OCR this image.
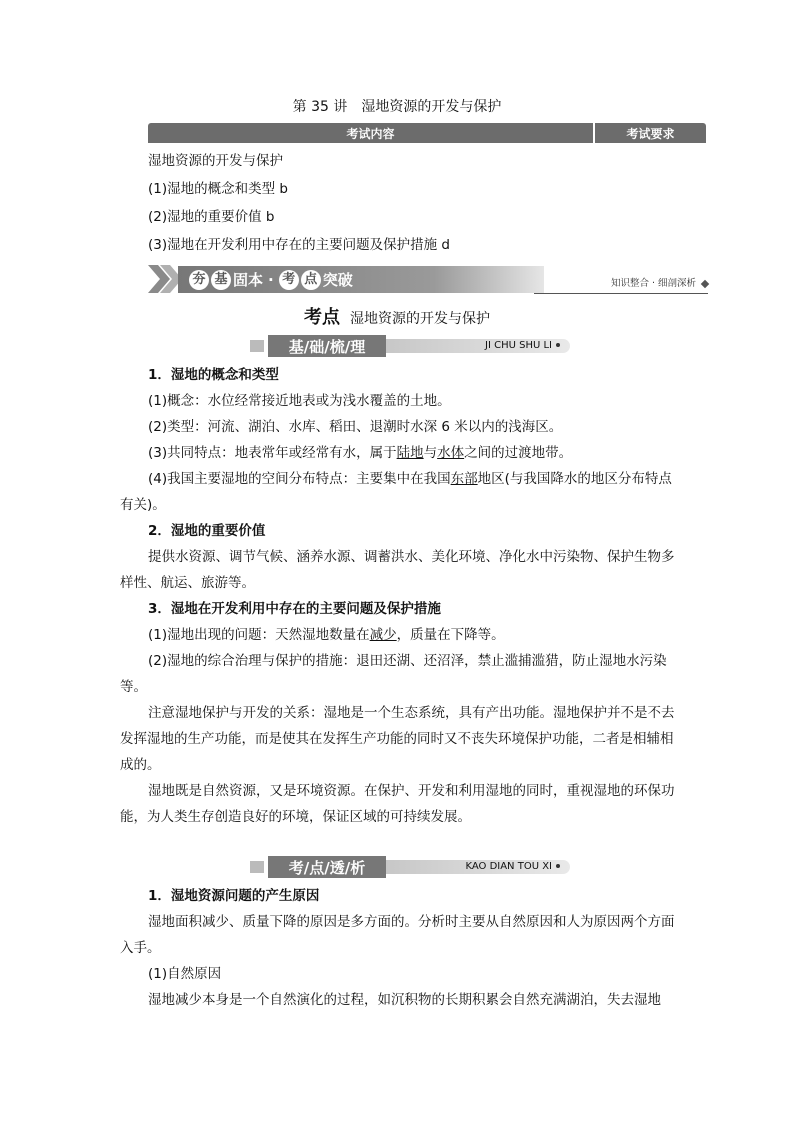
第 35 讲 湿地资源的开发与保护
考试内容	考试要求
湿地资源的开发与保护
(1)湿地的概念和类型 b
(2)湿地的重要价值 b
(3)湿地在开发利用中存在的主要问题及保护措施 d
夯 基 固本 · 考 点 突破	知识整合 · 细剖深析
考点 湿地资源的开发与保护
基/础/梳/理	JI CHU SHU LI

1．湿地的概念和类型

(1)概念：水位经常接近地表或为浅水覆盖的土地。

(2)类型：河流、湖泊、水库、稻田、退潮时水深 6 米以内的浅海区。

(3)共同特点：地表常年或经常有水，属于陆地与水体之间的过渡地带。

(4)我国主要湿地的空间分布特点：主要集中在我国东部地区(与我国降水的地区分布特点有关)。

2．湿地的重要价值

提供水资源、调节气候、涵养水源、调蓄洪水、美化环境、净化水中污染物、保护生物多样性、航运、旅游等。

3．湿地在开发利用中存在的主要问题及保护措施

(1)湿地出现的问题：天然湿地数量在减少，质量在下降等。

(2)湿地的综合治理与保护的措施：退田还湖、还沼泽，禁止滥捕滥猎，防止湿地水污染等。

注意湿地保护与开发的关系：湿地是一个生态系统，具有产出功能。湿地保护并不是不去发挥湿地的生产功能，而是使其在发挥生产功能的同时又不丧失环境保护功能，二者是相辅相成的。

湿地既是自然资源，又是环境资源。在保护、开发和利用湿地的同时，重视湿地的环保功能，为人类生存创造良好的环境，保证区域的可持续发展。

考/点/透/析	KAO DIAN TOU XI

1．湿地资源问题的产生原因

湿地面积减少、质量下降的原因是多方面的。分析时主要从自然原因和人为原因两个方面入手。

(1)自然原因

湿地减少本身是一个自然演化的过程，如沉积物的长期积累会自然充满湖泊，失去湿地
